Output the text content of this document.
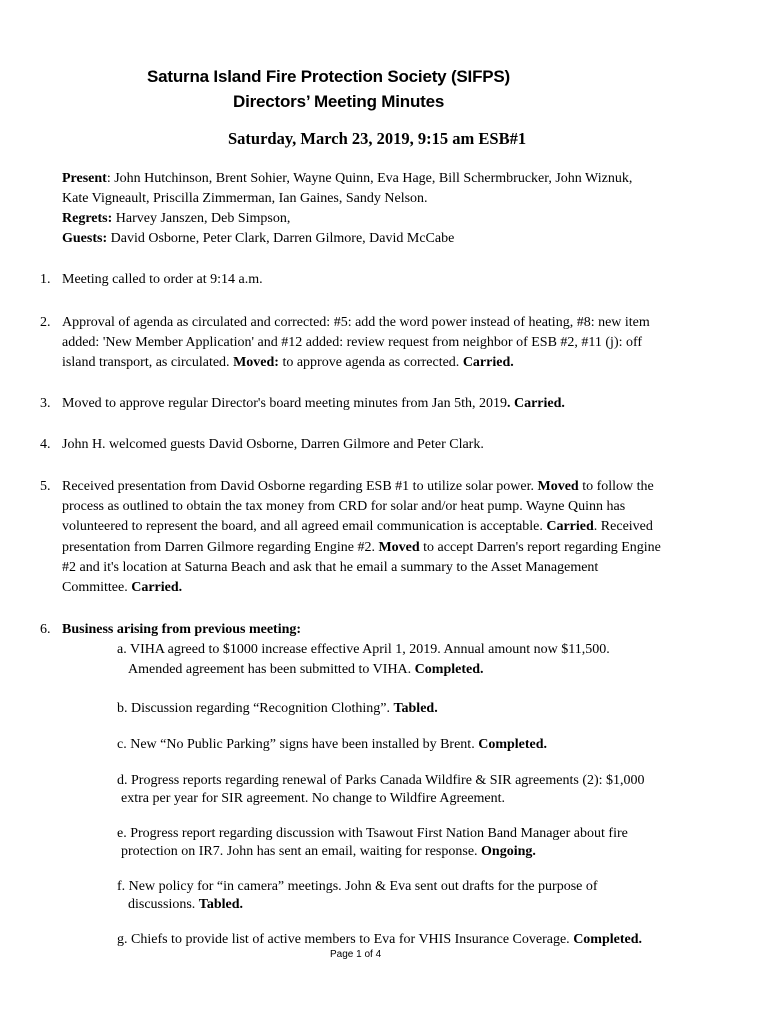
Saturna Island Fire Protection Society (SIFPS)
Directors’ Meeting Minutes
Saturday, March 23, 2019, 9:15 am ESB#1
Present: John Hutchinson, Brent Sohier, Wayne Quinn, Eva Hage, Bill Schermbrucker, John Wiznuk,
Kate Vigneault, Priscilla Zimmerman, Ian Gaines, Sandy Nelson.
Regrets: Harvey Janszen, Deb Simpson,
Guests: David Osborne, Peter Clark, Darren Gilmore, David McCabe
1. Meeting called to order at 9:14 a.m.
2. Approval of agenda as circulated and corrected: #5: add the word power instead of heating, #8: new item
added: 'New Member Application' and #12 added: review request from neighbor of ESB #2, #11 (j): off
island transport, as circulated. Moved: to approve agenda as corrected. Carried.
3. Moved to approve regular Director's board meeting minutes from Jan 5th, 2019. Carried.
4. John H. welcomed guests David Osborne, Darren Gilmore and Peter Clark.
5. Received presentation from David Osborne regarding ESB #1 to utilize solar power. Moved to follow the
process as outlined to obtain the tax money from CRD for solar and/or heat pump. Wayne Quinn has
volunteered to represent the board, and all agreed email communication is acceptable. Carried. Received
presentation from Darren Gilmore regarding Engine #2. Moved to accept Darren's report regarding Engine
#2 and it's location at Saturna Beach and ask that he email a summary to the Asset Management
Committee. Carried.
6. Business arising from previous meeting:
a. VIHA agreed to $1000 increase effective April 1, 2019. Annual amount now $11,500.
Amended agreement has been submitted to VIHA. Completed.
b. Discussion regarding “Recognition Clothing”. Tabled.
c. New “No Public Parking” signs have been installed by Brent. Completed.
d. Progress reports regarding renewal of Parks Canada Wildfire & SIR agreements (2): $1,000
extra per year for SIR agreement. No change to Wildfire Agreement.
e. Progress report regarding discussion with Tsawout First Nation Band Manager about fire
protection on IR7. John has sent an email, waiting for response. Ongoing.
f. New policy for “in camera” meetings. John & Eva sent out drafts for the purpose of
discussions. Tabled.
g. Chiefs to provide list of active members to Eva for VHIS Insurance Coverage. Completed.
Page 1 of 4
